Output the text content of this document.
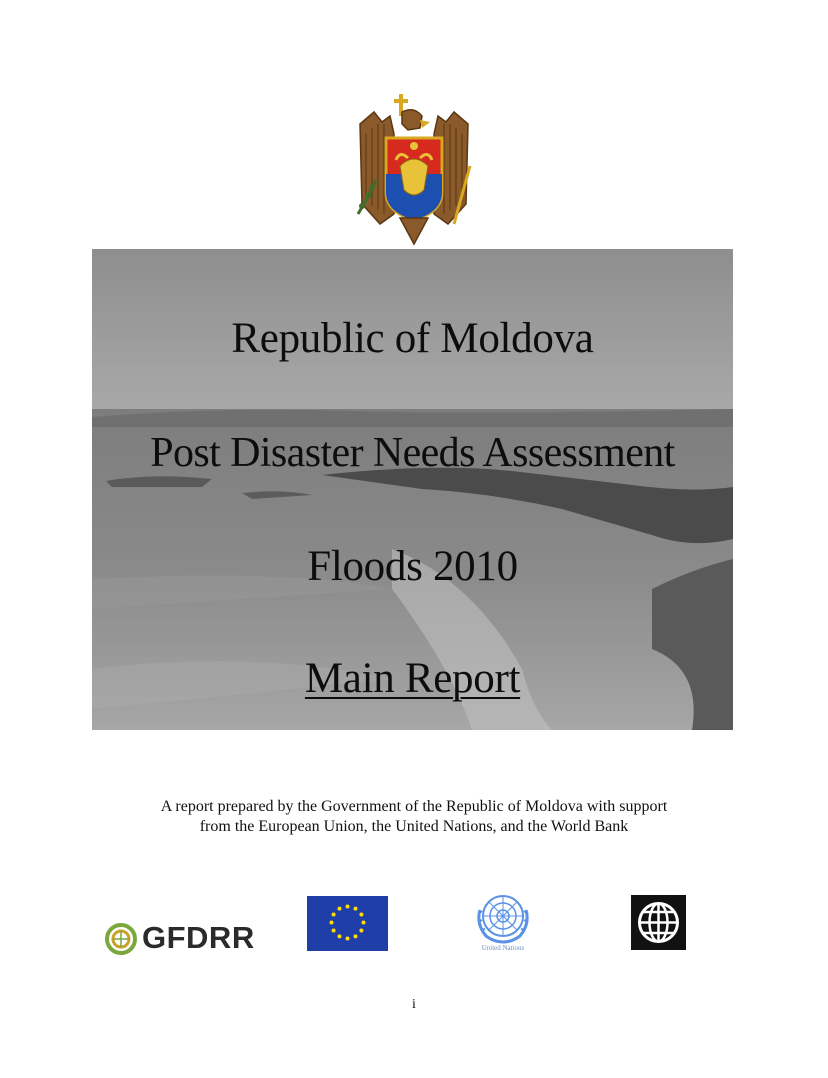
Republic of Moldova
Post Disaster Needs Assessment
Floods 2010
Main Report
A report prepared by the Government of the Republic of Moldova with support
from the European Union, the United Nations, and the World Bank
GFDRR	United Nations
i
